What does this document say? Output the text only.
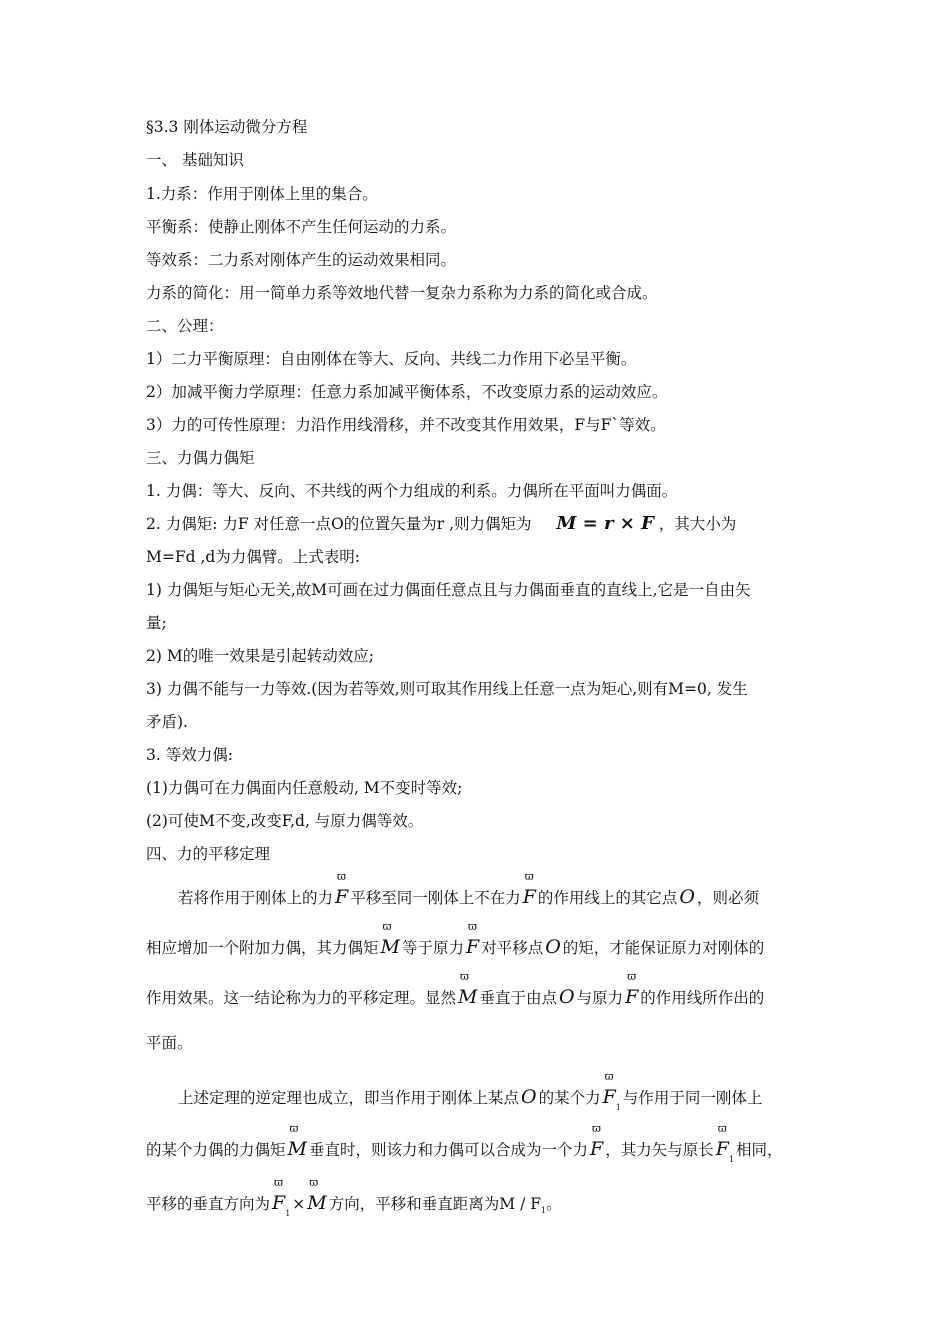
§3.3 刚体运动微分方程
一、 基础知识
1.力系：作用于刚体上里的集合。
平衡系：使静止刚体不产生任何运动的力系。
等效系：二力系对刚体产生的运动效果相同。
力系的简化：用一简单力系等效地代替一复杂力系称为力系的简化或合成。
二、公理：
1）二力平衡原理：自由刚体在等大、反向、共线二力作用下必呈平衡。
2）加减平衡力学原理：任意力系加减平衡体系，不改变原力系的运动效应。
3）力的可传性原理：力沿作用线滑移，并不改变其作用效果，F与F`等效。
三、力偶力偶矩
1. 力偶：等大、反向、不共线的两个力组成的利系。力偶所在平面叫力偶面。
2. 力偶矩: 力F 对任意一点O的位置矢量为r ,则力偶矩为 M = r × F ，其大小为
M=Fd ,d为力偶臂。上式表明:
1) 力偶矩与矩心无关,故M可画在过力偶面任意点且与力偶面垂直的直线上,它是一自由矢
量;
2) M的唯一效果是引起转动效应;
3) 力偶不能与一力等效.(因为若等效,则可取其作用线上任意一点为矩心,则有M=0, 发生
矛盾).
3. 等效力偶:
(1)力偶可在力偶面内任意般动, M不变时等效;
(2)可使M不变,改变F,d, 与原力偶等效。
四、力的平移定理
若将作用于刚体上的力
ϖ
F 平移至同一刚体上不在力
ϖ
F 的作用线上的其它点 O ，则必须
相应增加一个附加力偶，其力偶矩
ϖ
M 等于原力
ϖ
F 对平移点 O 的矩，才能保证原力对刚体的
作用效果。这一结论称为力的平移定理。显然
ϖ
M 垂直于由点 O 与原力
ϖ
F 的作用线所作出的
平面。
上述定理的逆定理也成立，即当作用于刚体上某点 O 的某个力
ϖ
$F_1$与作用于同一刚体上
的某个力偶的力偶矩
ϖ
M 垂直时，则该力和力偶可以合成为一个力
ϖ
F ，其力矢与原长
ϖ
$F_1$相同，
平移的垂直方向为
ϖ
$F_1\times$
ϖ
M 方向，平移和垂直距离为M / $F_1$。
